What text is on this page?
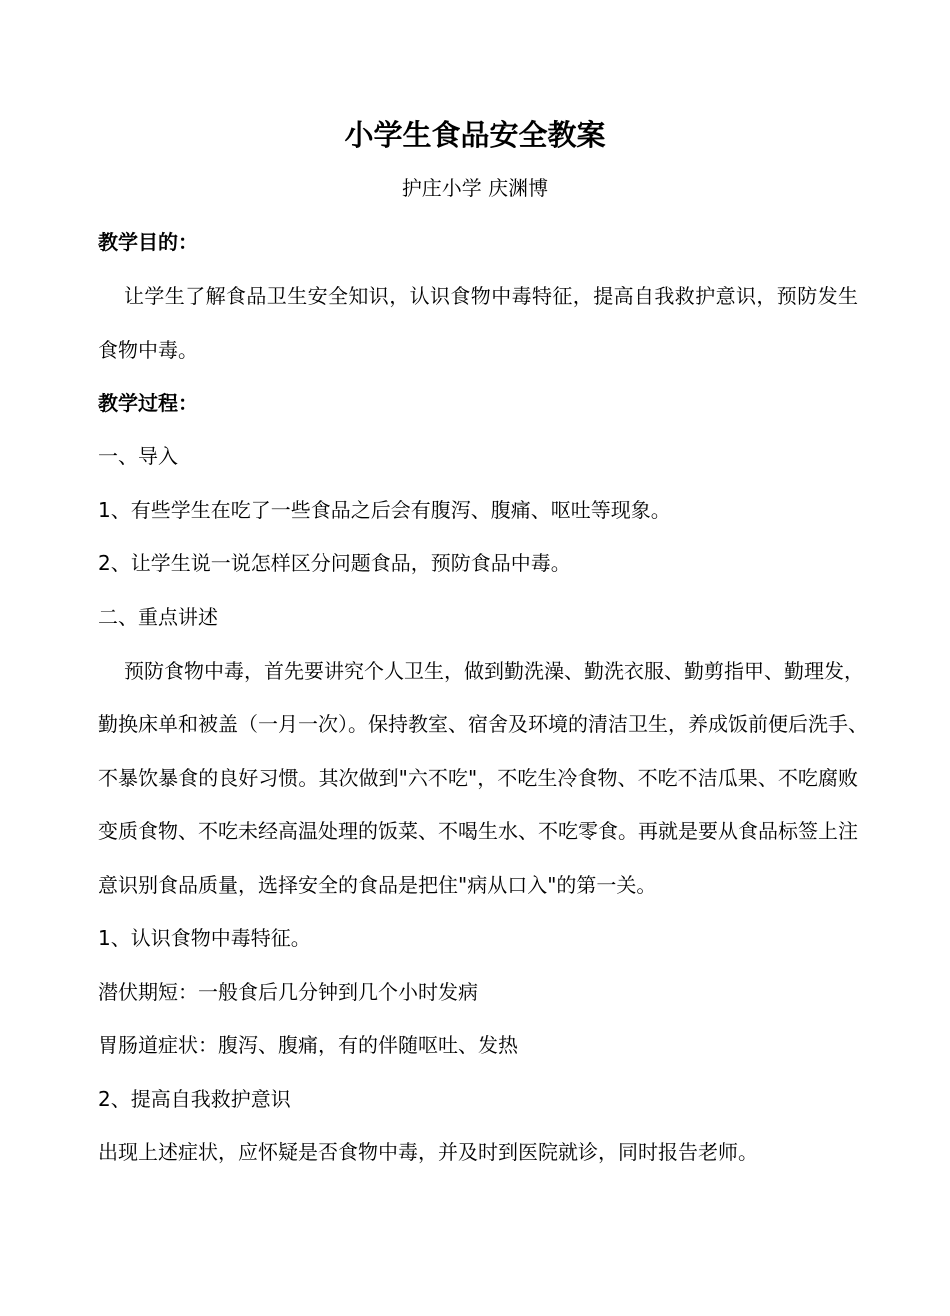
小学生食品安全教案

护庄小学 庆渊博

教学目的：

让学生了解食品卫生安全知识，认识食物中毒特征，提高自我救护意识，预防发生

食物中毒。

教学过程：

一、导入

1、有些学生在吃了一些食品之后会有腹泻、腹痛、呕吐等现象。

2、让学生说一说怎样区分问题食品，预防食品中毒。

二、重点讲述

预防食物中毒，首先要讲究个人卫生，做到勤洗澡、勤洗衣服、勤剪指甲、勤理发，

勤换床单和被盖（一月一次）。保持教室、宿舍及环境的清洁卫生，养成饭前便后洗手、

不暴饮暴食的良好习惯。其次做到"六不吃"，不吃生冷食物、不吃不洁瓜果、不吃腐败

变质食物、不吃未经高温处理的饭菜、不喝生水、不吃零食。再就是要从食品标签上注

意识别食品质量，选择安全的食品是把住"病从口入"的第一关。

1、认识食物中毒特征。

潜伏期短：一般食后几分钟到几个小时发病

胃肠道症状：腹泻、腹痛，有的伴随呕吐、发热

2、提高自我救护意识

出现上述症状，应怀疑是否食物中毒，并及时到医院就诊，同时报告老师。
